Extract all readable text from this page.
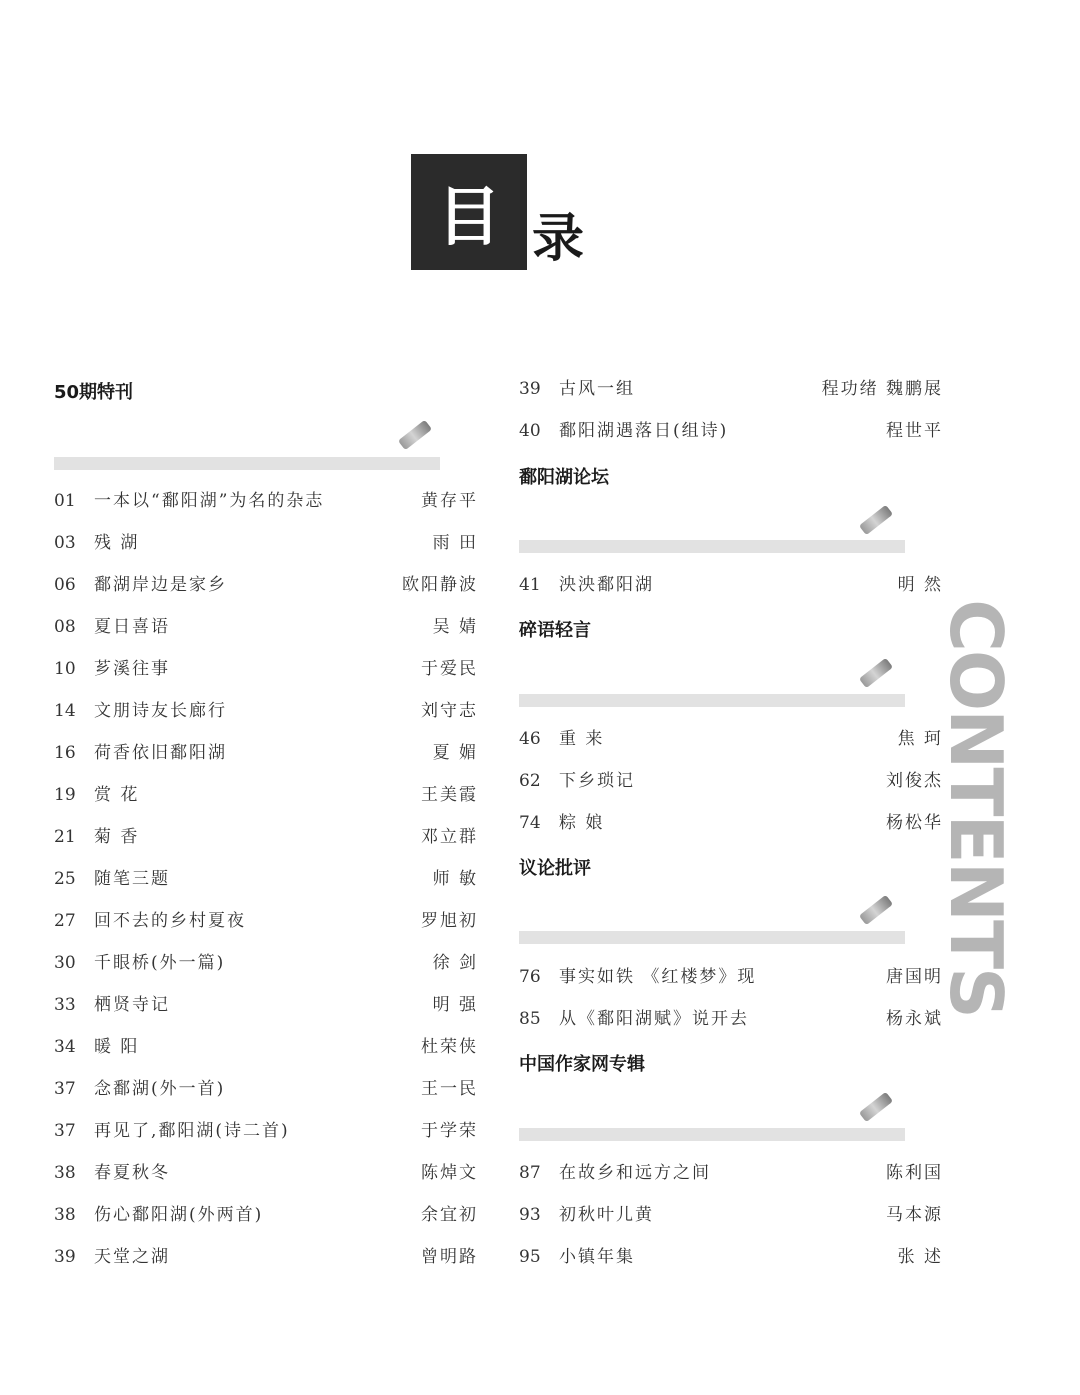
目 录
CONTENTS
50期特刊
01	一本以“鄱阳湖”为名的杂志	黄存平
03	残 湖	雨 田
06	鄱湖岸边是家乡	欧阳静波
08	夏日喜语	吴 婧
10	芗溪往事	于爱民
14	文朋诗友长廊行	刘守志
16	荷香依旧鄱阳湖	夏 媚
19	赏 花	王美霞
21	菊 香	邓立群
25	随笔三题	师 敏
27	回不去的乡村夏夜	罗旭初
30	千眼桥(外一篇)	徐 剑
33	栖贤寺记	明 强
34	暖 阳	杜荣侠
37	念鄱湖(外一首)	王一民
37	再见了,鄱阳湖(诗二首)	于学荣
38	春夏秋冬	陈焯文
38	伤心鄱阳湖(外两首)	余宜初
39	天堂之湖	曾明路
39	古风一组	程功绪 魏鹏展
40	鄱阳湖遇落日(组诗)	程世平
鄱阳湖论坛
41	泱泱鄱阳湖	明 然
碎语轻言
46	重 来	焦 珂
62	下乡琐记	刘俊杰
74	粽 娘	杨松华
议论批评
76	事实如铁 《红楼梦》现	唐国明
85	从《鄱阳湖赋》说开去	杨永斌
中国作家网专辑
87	在故乡和远方之间	陈利国
93	初秋叶儿黄	马本源
95	小镇年集	张 述
